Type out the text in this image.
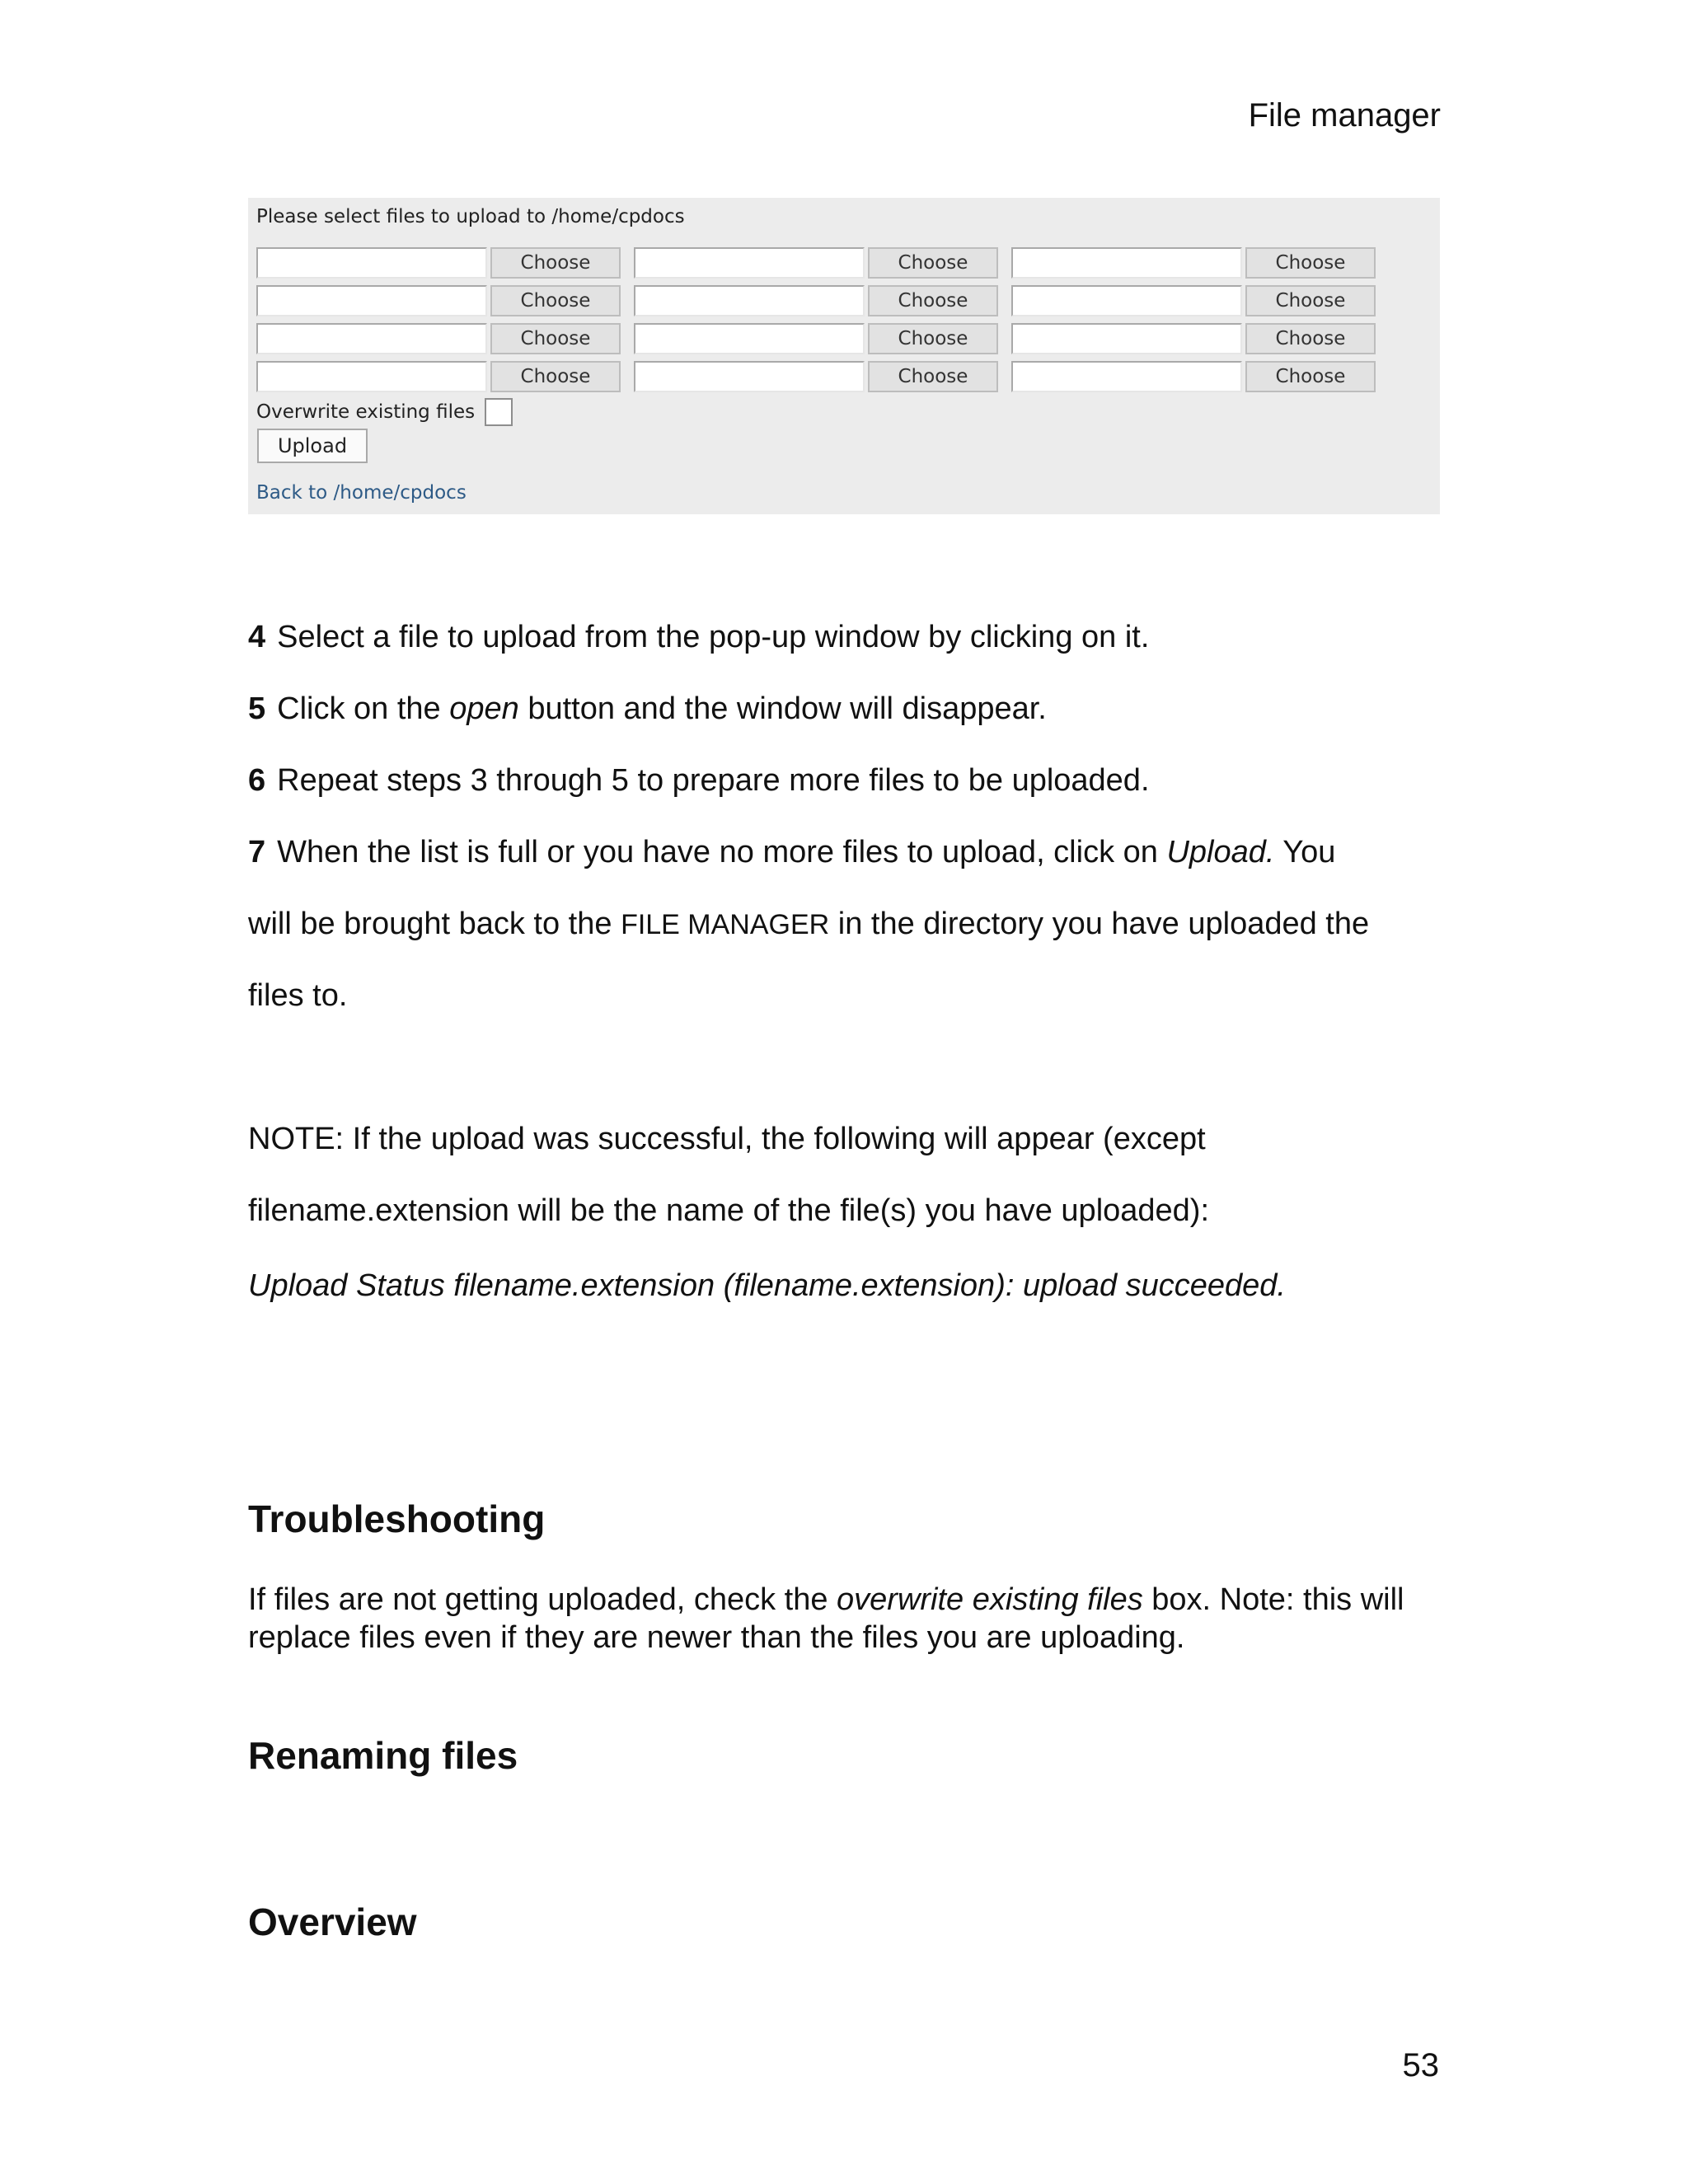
File manager
Please select files to upload to /home/cpdocs
Choose	Choose	Choose
Choose	Choose	Choose
Choose	Choose	Choose
Choose	Choose	Choose
Overwrite existing files
Upload
Back to /home/cpdocs
4 Select a file to upload from the pop-up window by clicking on it.
5 Click on the open button and the window will disappear.
6 Repeat steps 3 through 5 to prepare more files to be uploaded.
7 When the list is full or you have no more files to upload, click on Upload. You
will be brought back to the FILE MANAGER in the directory you have uploaded the
files to.
NOTE: If the upload was successful, the following will appear (except
filename.extension will be the name of the file(s) you have uploaded):
Upload Status filename.extension (filename.extension): upload succeeded.
Troubleshooting
If files are not getting uploaded, check the overwrite existing files box. Note: this will replace files even if they are newer than the files you are uploading.
Renaming files
Overview
53
